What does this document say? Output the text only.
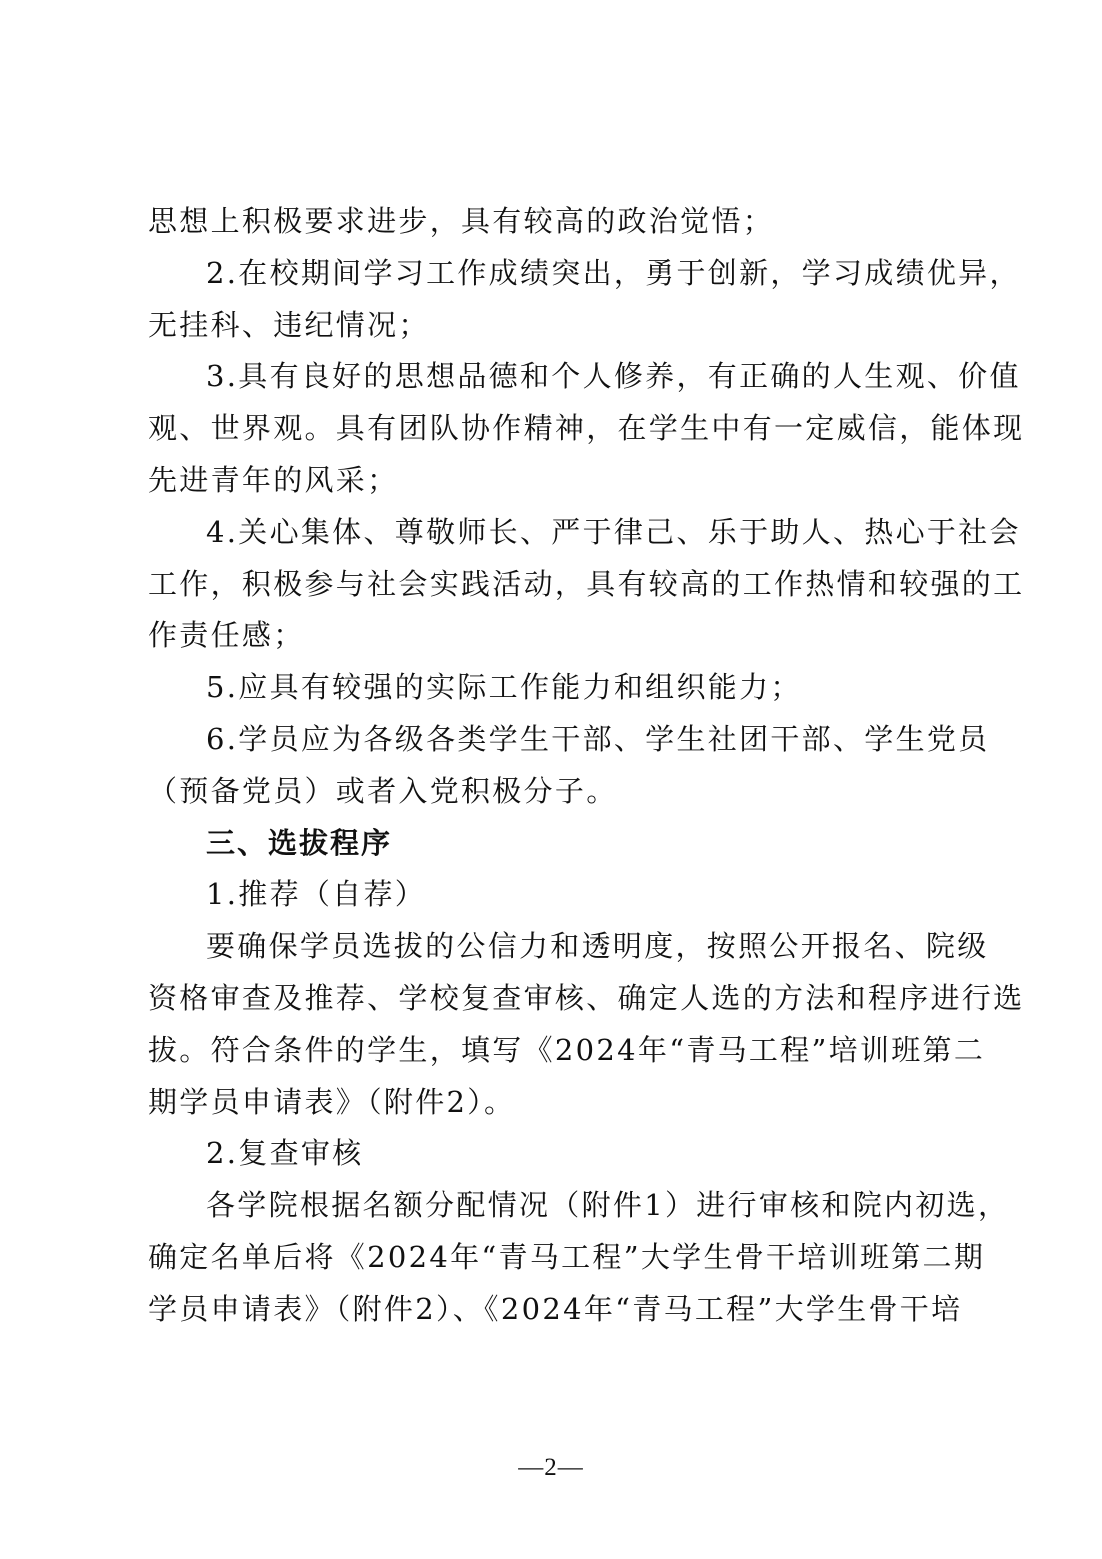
思想上积极要求进步，具有较高的政治觉悟；
2.在校期间学习工作成绩突出，勇于创新，学习成绩优异，
无挂科、违纪情况；
3.具有良好的思想品德和个人修养，有正确的人生观、价值
观、世界观。具有团队协作精神，在学生中有一定威信，能体现
先进青年的风采；
4.关心集体、尊敬师长、严于律己、乐于助人、热心于社会
工作，积极参与社会实践活动，具有较高的工作热情和较强的工
作责任感；
5.应具有较强的实际工作能力和组织能力；
6.学员应为各级各类学生干部、学生社团干部、学生党员
（预备党员）或者入党积极分子。
三、选拔程序
1.推荐（自荐）
要确保学员选拔的公信力和透明度，按照公开报名、院级
资格审查及推荐、学校复查审核、确定人选的方法和程序进行选
拔。符合条件的学生，填写《2024年“青马工程”培训班第二
期学员申请表》（附件2）。
2.复查审核
各学院根据名额分配情况（附件1）进行审核和院内初选，
确定名单后将《2024年“青马工程”大学生骨干培训班第二期
学员申请表》（附件2）、《2024年“青马工程”大学生骨干培
—2—
